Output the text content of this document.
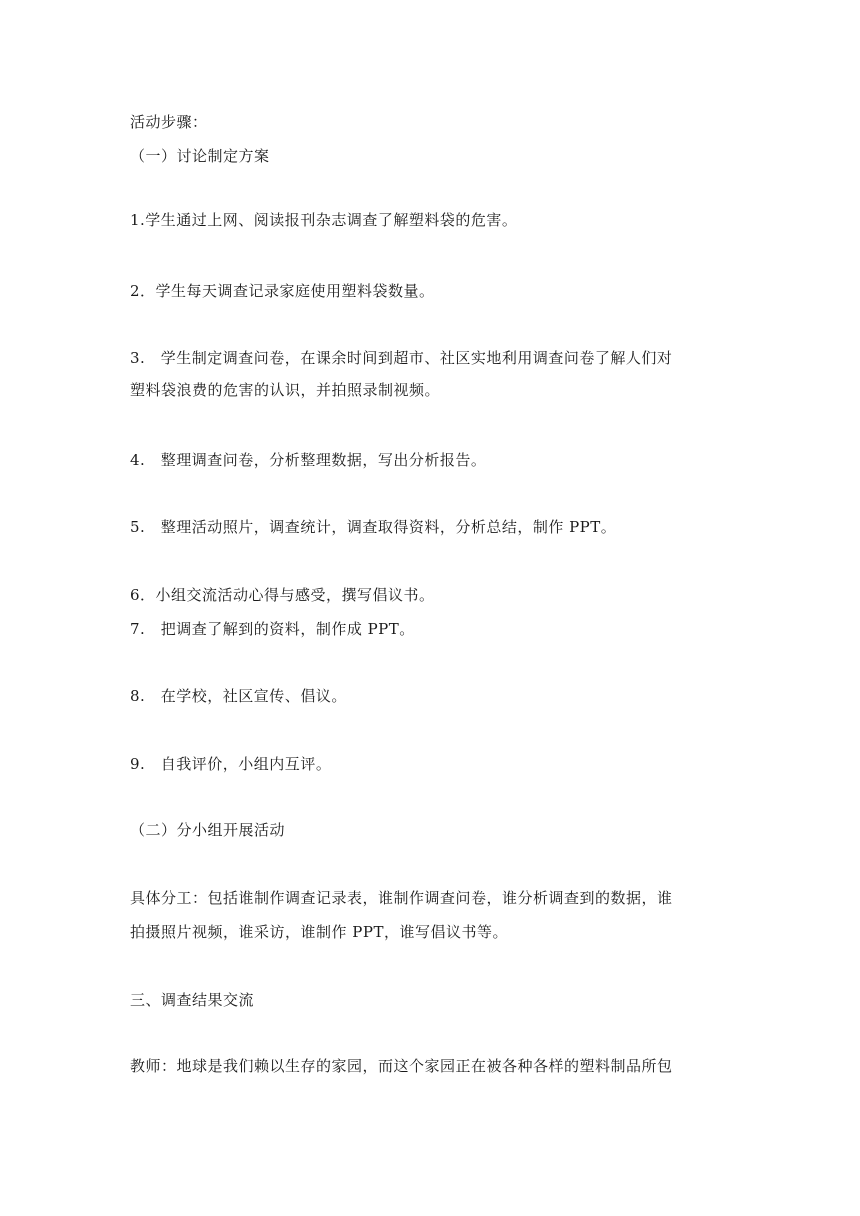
活动步骤：
（一）讨论制定方案
1.学生通过上网、阅读报刊杂志调查了解塑料袋的危害。
2．学生每天调查记录家庭使用塑料袋数量。
3.　学生制定调查问卷，在课余时间到超市、社区实地利用调查问卷了解人们对
塑料袋浪费的危害的认识，并拍照录制视频。
4.　整理调查问卷，分析整理数据，写出分析报告。
5.　整理活动照片，调查统计，调查取得资料，分析总结，制作 PPT。
6．小组交流活动心得与感受，撰写倡议书。
7.　把调查了解到的资料，制作成 PPT。
8.　在学校，社区宣传、倡议。
9.　自我评价，小组内互评。
（二）分小组开展活动
具体分工：包括谁制作调查记录表，谁制作调查问卷，谁分析调查到的数据，谁
拍摄照片视频，谁采访，谁制作 PPT，谁写倡议书等。
三、调查结果交流
教师：地球是我们赖以生存的家园，而这个家园正在被各种各样的塑料制品所包
